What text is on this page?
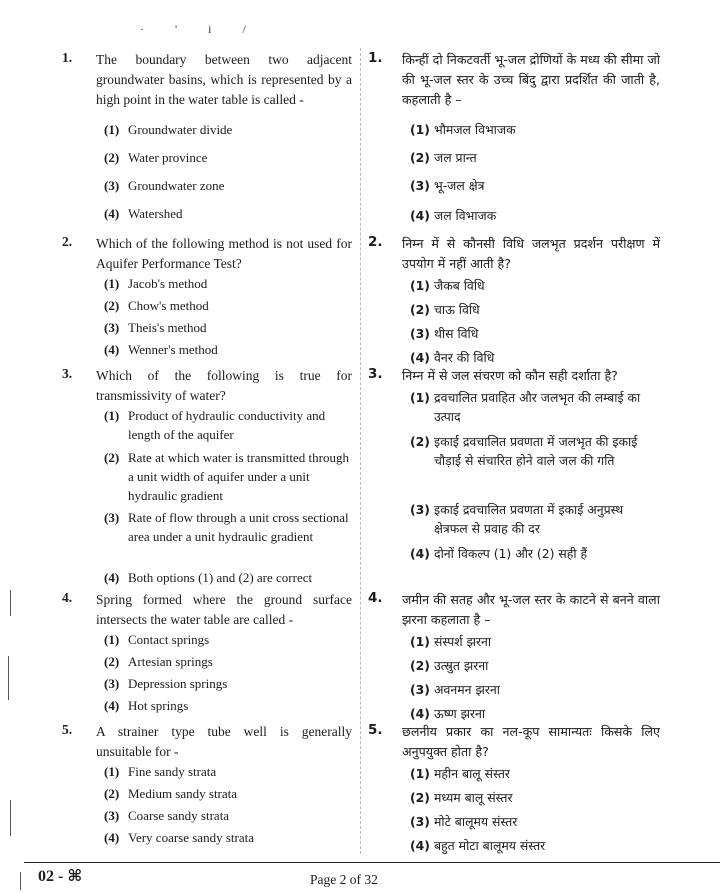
· ' i /
1. The boundary between two adjacent groundwater basins, which is represented by a high point in the water table is called -
(1) Groundwater divide
(2) Water province
(3) Groundwater zone
(4) Watershed
2. Which of the following method is not used for Aquifer Performance Test?
(1) Jacob's method
(2) Chow's method
(3) Theis's method
(4) Wenner's method
3. Which of the following is true for transmissivity of water?
(1) Product of hydraulic conductivity and length of the aquifer
(2) Rate at which water is transmitted through a unit width of aquifer under a unit hydraulic gradient
(3) Rate of flow through a unit cross sectional area under a unit hydraulic gradient
(4) Both options (1) and (2) are correct
4. Spring formed where the ground surface intersects the water table are called -
(1) Contact springs
(2) Artesian springs
(3) Depression springs
(4) Hot springs
5. A strainer type tube well is generally unsuitable for -
(1) Fine sandy strata
(2) Medium sandy strata
(3) Coarse sandy strata
(4) Very coarse sandy strata
1. किन्हीं दो निकटवर्ती भू-जल द्रोणियों के मध्य की सीमा जो की भू-जल स्तर के उच्च बिंदु द्वारा प्रदर्शित की जाती है, कहलाती है –
(1) भौमजल विभाजक
(2) जल प्रान्त
(3) भू-जल क्षेत्र
(4) जल विभाजक
2. निम्न में से कौनसी विधि जलभृत प्रदर्शन परीक्षण में उपयोग में नहीं आती है?
(1) जैकब विधि
(2) चाऊ विधि
(3) थीस विधि
(4) वैनर की विधि
3. निम्न में से जल संचरण को कौन सही दर्शाता है?
(1) द्रवचालित प्रवाहित और जलभृत की लम्बाई का उत्पाद
(2) इकाई द्रवचालित प्रवणता में जलभृत की इकाई चौड़ाई से संचारित होने वाले जल की गति
(3) इकाई द्रवचालित प्रवणता में इकाई अनुप्रस्थ क्षेत्रफल से प्रवाह की दर
(4) दोनों विकल्प (1) और (2) सही हैं
4. जमीन की सतह और भू-जल स्तर के काटने से बनने वाला झरना कहलाता है –
(1) संस्पर्श झरना
(2) उत्स्रुत झरना
(3) अवनमन झरना
(4) ऊष्ण झरना
5. छलनीय प्रकार का नल-कूप सामान्यतः किसके लिए अनुपयुक्त होता है?
(1) महीन बालू संस्तर
(2) मध्यम बालू संस्तर
(3) मोटे बालूमय संस्तर
(4) बहुत मोटा बालूमय संस्तर
02 - ⌘	Page 2 of 32
